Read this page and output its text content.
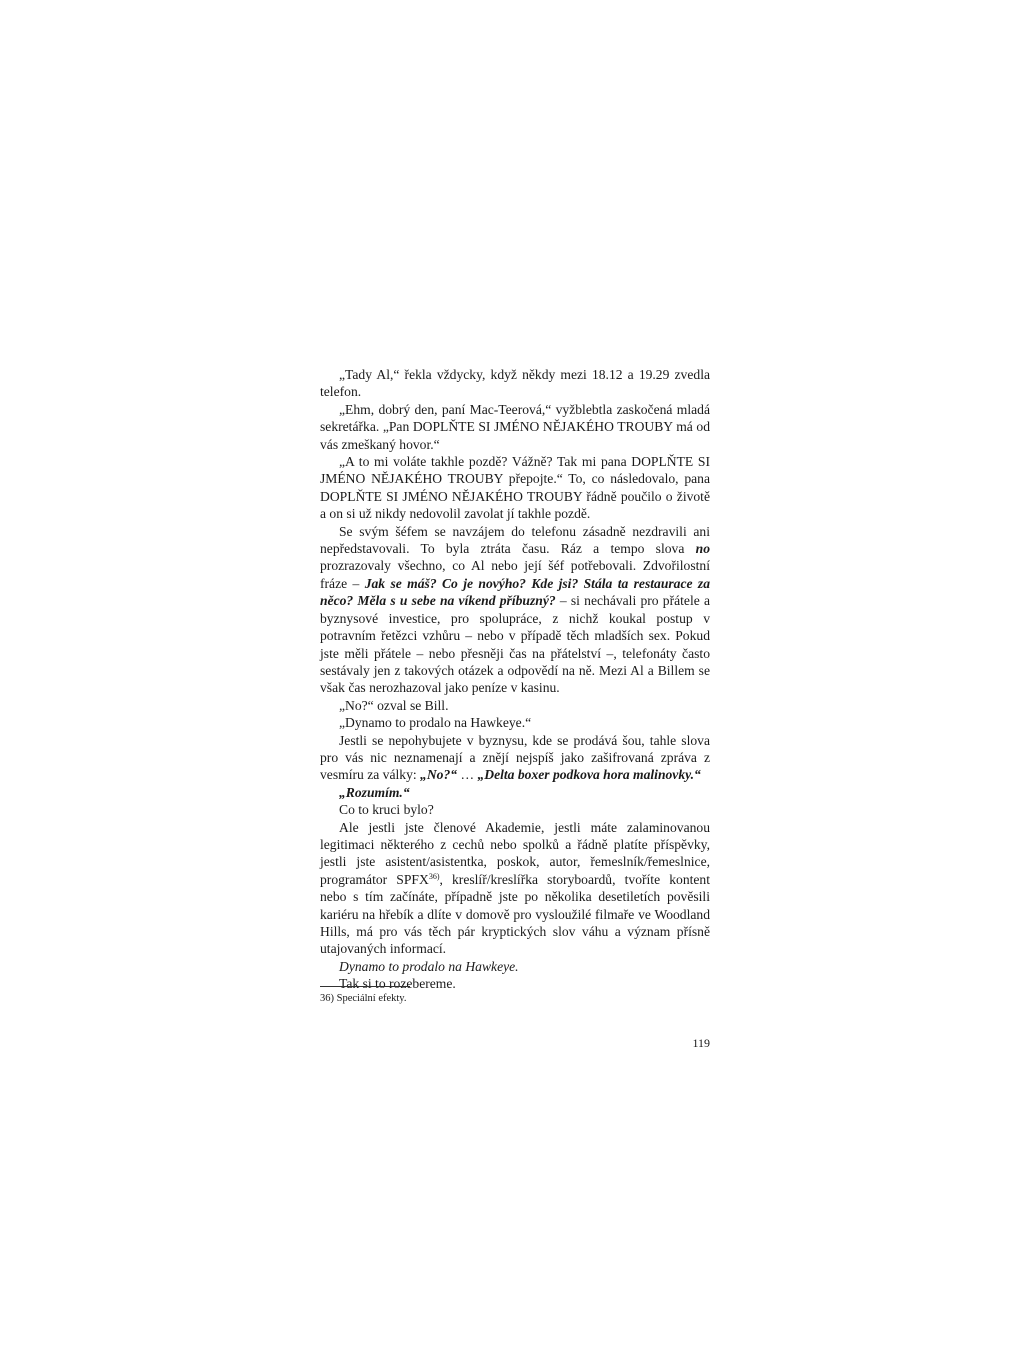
„Tady Al,“ řekla vždycky, když někdy mezi 18.12 a 19.29 zvedla telefon.

„Ehm, dobrý den, paní Mac-Teerová,“ vyžblebtla zaskočená mladá sekretářka. „Pan DOPLŇTE SI JMÉNO NĚJAKÉHO TROUBY má od vás zmeškaný hovor.“

„A to mi voláte takhle pozdě? Vážně? Tak mi pana DOPLŇTE SI JMÉNO NĚJAKÉHO TROUBY přepojte.“ To, co následovalo, pana DOPLŇTE SI JMÉNO NĚJAKÉHO TROUBY řádně poučilo o životě a on si už nikdy nedovolil zavolat jí takhle pozdě.

Se svým šéfem se navzájem do telefonu zásadně nezdravili ani nepředstavovali. To byla ztráta času. Ráz a tempo slova no prozrazovaly všechno, co Al nebo její šéf potřebovali. Zdvořilostní fráze – Jak se máš? Co je novýho? Kde jsi? Stála ta restaurace za něco? Měla s u sebe na víkend příbuzný? – si nechávali pro přátele a byznysové investice, pro spolupráce, z nichž koukal postup v potravním řetězci vzhůru – nebo v případě těch mladších sex. Pokud jste měli přátele – nebo přesněji čas na přátelství –, telefonáty často sestávaly jen z takových otázek a odpovědí na ně. Mezi Al a Billem se však čas nerozhazoval jako peníze v kasinu.

„No?“ ozval se Bill.

„Dynamo to prodalo na Hawkeye.“

Jestli se nepohybujete v byznysu, kde se prodává šou, tahle slova pro vás nic neznamenají a znějí nejspíš jako zašifrovaná zpráva z vesmíru za války: „No?“ … „Delta boxer podkova hora malinovky.“

„Rozumím.“

Co to kruci bylo?

Ale jestli jste členové Akademie, jestli máte zalaminovanou legitimaci některého z cechů nebo spolků a řádně platíte příspěvky, jestli jste asistent/asistentka, poskok, autor, řemeslník/řemeslnice, programátor SPFX$^{36)}$, kreslíř/kreslířka storyboardů, tvoříte kontent nebo s tím začínáte, případně jste po několika desetiletích pověsili kariéru na hřebík a dlíte v domově pro vysloužilé filmaře ve Woodland Hills, má pro vás těch pár kryptických slov váhu a význam přísně utajovaných informací.

Dynamo to prodalo na Hawkeye.

Tak si to rozebereme.

36) Speciální efekty.
119
